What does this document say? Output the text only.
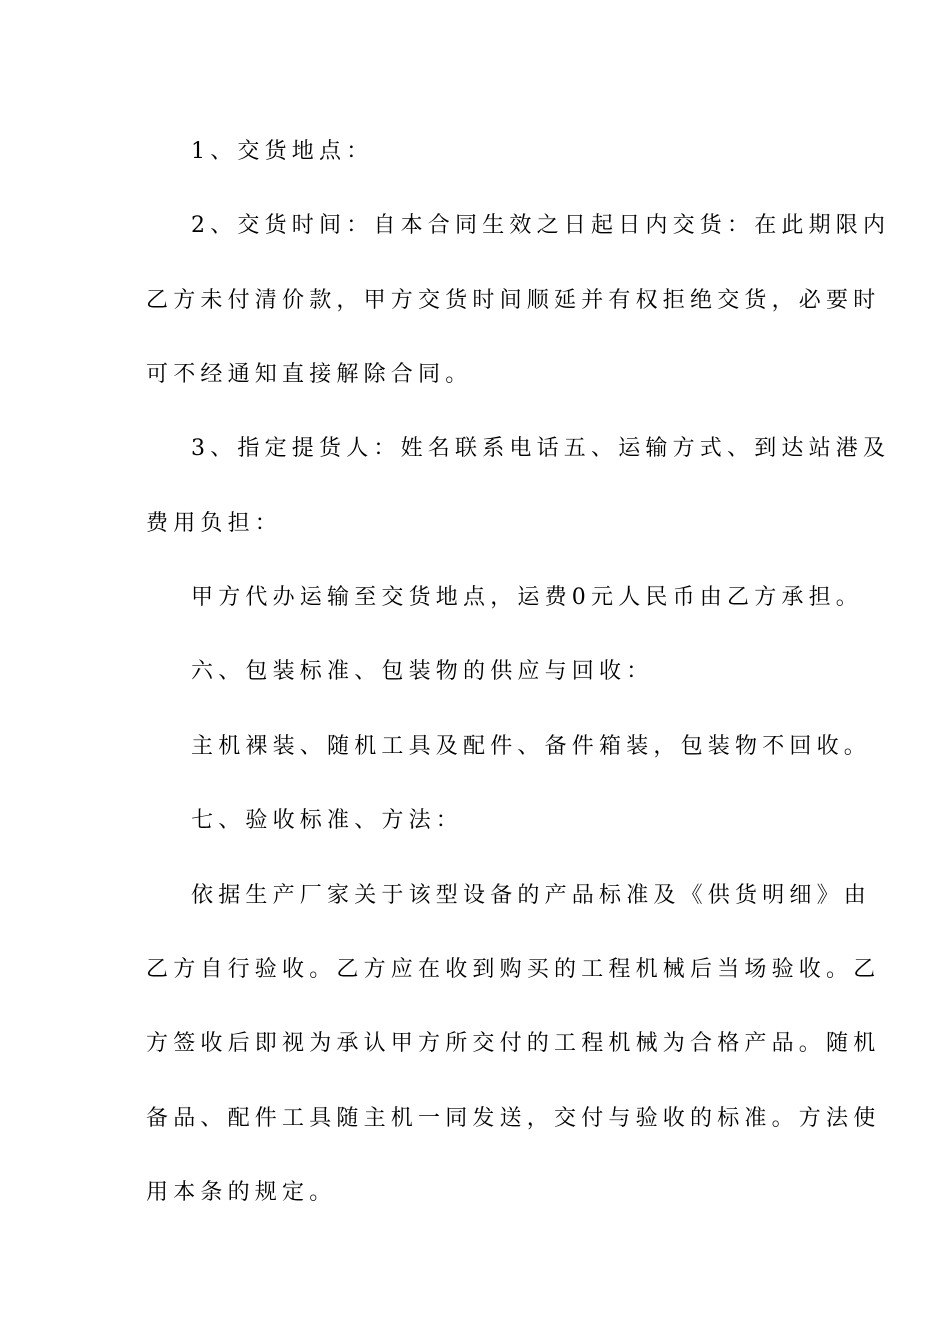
1、交货地点：
2、交货时间：自本合同生效之日起日内交货：在此期限内
乙方未付清价款，甲方交货时间顺延并有权拒绝交货，必要时
可不经通知直接解除合同。
3、指定提货人：姓名联系电话五、运输方式、到达站港及
费用负担：
甲方代办运输至交货地点，运费0元人民币由乙方承担。
六、包装标准、包装物的供应与回收：
主机裸装、随机工具及配件、备件箱装，包装物不回收。
七、验收标准、方法：
依据生产厂家关于该型设备的产品标准及《供货明细》由
乙方自行验收。乙方应在收到购买的工程机械后当场验收。乙
方签收后即视为承认甲方所交付的工程机械为合格产品。随机
备品、配件工具随主机一同发送，交付与验收的标准。方法使
用本条的规定。
